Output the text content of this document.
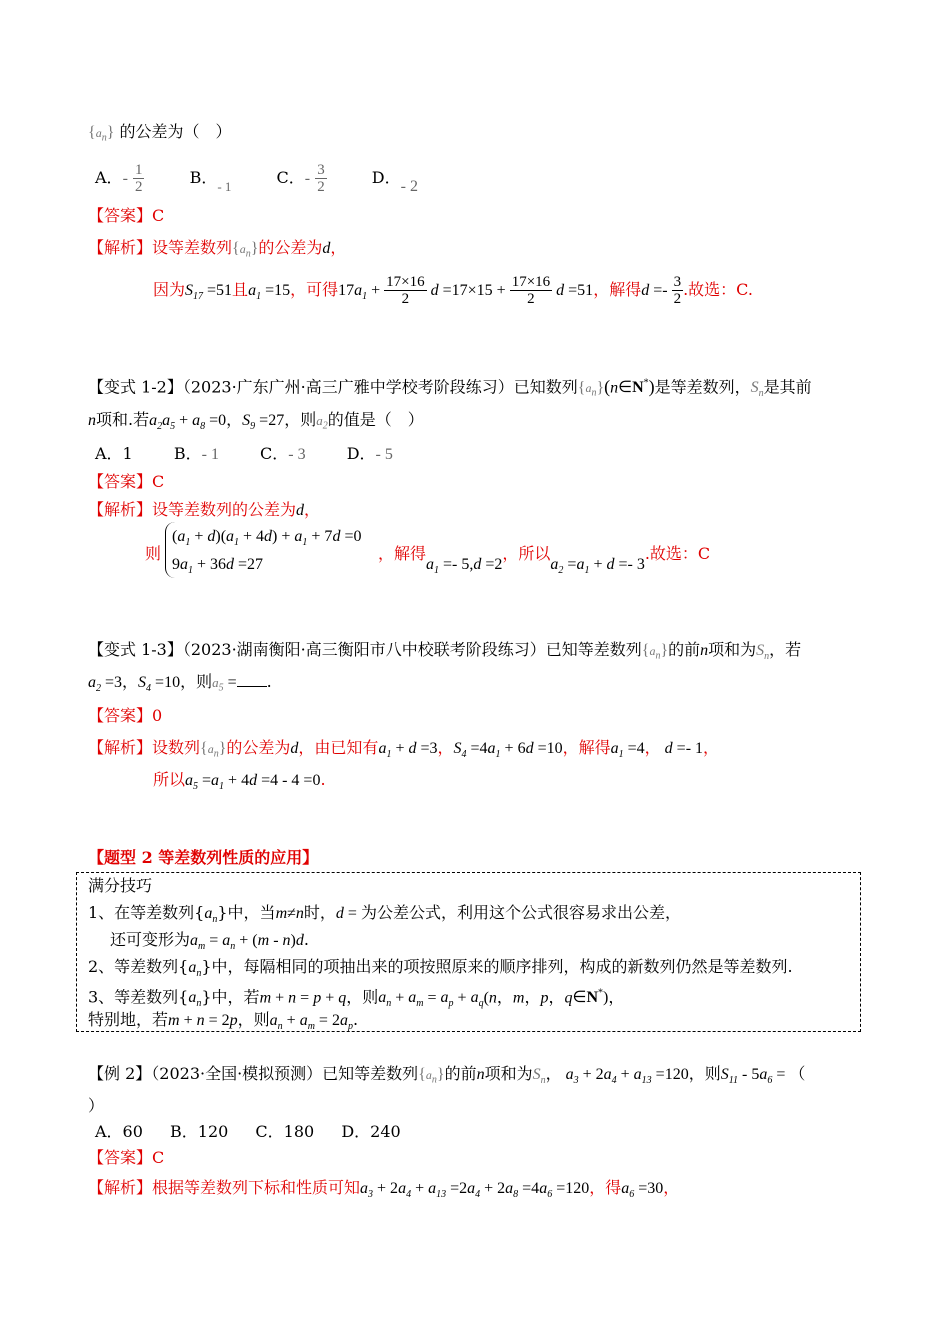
$\{a_n\}$ 的公差为（　）
A．- $\frac{1}{2}$	B．$_{- 1}$	C．- $\frac{3}{2}$	D．- 2
【答案】C
【解析】设等差数列$\{a_n\}$的公差为d，
因为$S_{17} =51$且$a_1 =15$，可得$17a_1 + \frac{17\times 16}{2}$ $d =17\times 15 + \frac{17\times 16}{2}$ d =51，解得$d =- \frac{3}{2}$ .故选：C.
【变式 1-2】（2023·广东广州·高三广雅中学校考阶段练习）已知数列$\{a_n\}(n\in N^*)$是等差数列，$S_n$是其前
n项和.若$a_2a_5 + a_8 =0$，$S_9 =27$，则$a_2$的值是（　）
A．1	B．- 1	C．- 3	D．- 5
【答案】C
【解析】设等差数列的公差为d，
则
$(a_1 + d)(a_1 + 4d) + a_1 + 7d =0$
$9a_1 + 36d =27$
，解得$a_1 =- 5,d =2$，所以$a_2 =a_1 + d =- 3$.故选：C
【变式 1-3】（2023·湖南衡阳·高三衡阳市八中校联考阶段练习）已知等差数列$\{a_n\}$的前n项和为$S_n$，若
$a_2 =3$，$S_4 =10$，则$a_5$ = .
【答案】0
【解析】设数列$\{a_n\}$的公差为d，由已知有$a_1 + d =3$，$S_4 =4a_1 + 6d =10$，解得$a_1 =4$， d =- 1，
所以$a_5 =a_1 + 4d =4 - 4 =0$.
【题型 2 等差数列性质的应用】
满分技巧
1、在等差数列$\{a_n\}$中，当m≠n时，d = 为公差公式，利用这个公式很容易求出公差，
还可变形为$a_m = a_n + (m - n)d$.
2、等差数列$\{a_n\}$中，每隔相同的项抽出来的项按照原来的顺序排列，构成的新数列仍然是等差数列.
3、等差数列$\{a_n\}$中，若m + n = p + q，则$a_n + a_m = a_p + a_q(n$，m，p，q∈N*)，
特别地，若m + n = 2p，则$a_n + a_m = 2a_p$.
【例 2】（2023·全国·模拟预测）已知等差数列$\{a_n\}$的前n项和为$S_n$， $a_3 + 2a_4 + a_{13} =120$，则$S_{11} - 5a_6$ = （
）
A．60 B．120 C．180 D．240
【答案】C
【解析】根据等差数列下标和性质可知$a_3 + 2a_4 + a_{13} =2a_4 + 2a_8 =4a_6 =120$，得$a_6 =30$，
